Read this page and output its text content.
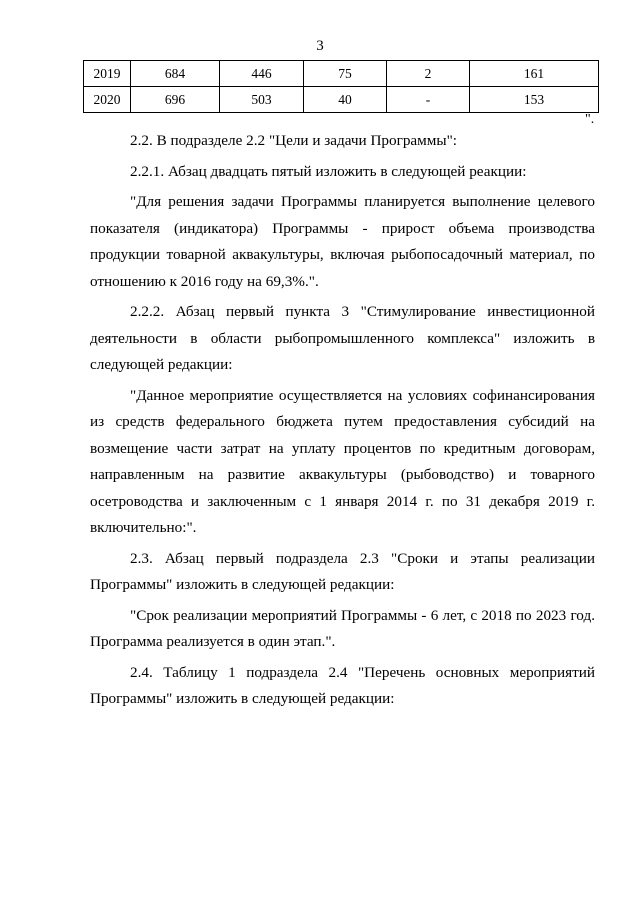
3
2019	684	446	75	2	161
2020	696	503	40	-	153
".

2.2. В подразделе 2.2 "Цели и задачи Программы":

2.2.1. Абзац двадцать пятый изложить в следующей реакции:

"Для решения задачи Программы планируется выполнение целевого показателя (индикатора) Программы - прирост объема производства продукции товарной аквакультуры, включая рыбопосадочный материал, по отношению к 2016 году на 69,3%.".

2.2.2. Абзац первый пункта 3 "Стимулирование инвестиционной деятельности в области рыбопромышленного комплекса" изложить в следующей редакции:

"Данное мероприятие осуществляется на условиях софинансирования из средств федерального бюджета путем предоставления субсидий на возмещение части затрат на уплату процентов по кредитным договорам, направленным на развитие аквакультуры (рыбоводство) и товарного осетроводства и заключенным с 1 января 2014 г. по 31 декабря 2019 г. включительно:".

2.3. Абзац первый подраздела 2.3 "Сроки и этапы реализации Программы" изложить в следующей редакции:

"Срок реализации мероприятий Программы - 6 лет, с 2018 по 2023 год. Программа реализуется в один этап.".

2.4. Таблицу 1 подраздела 2.4 "Перечень основных мероприятий Программы" изложить в следующей редакции:
